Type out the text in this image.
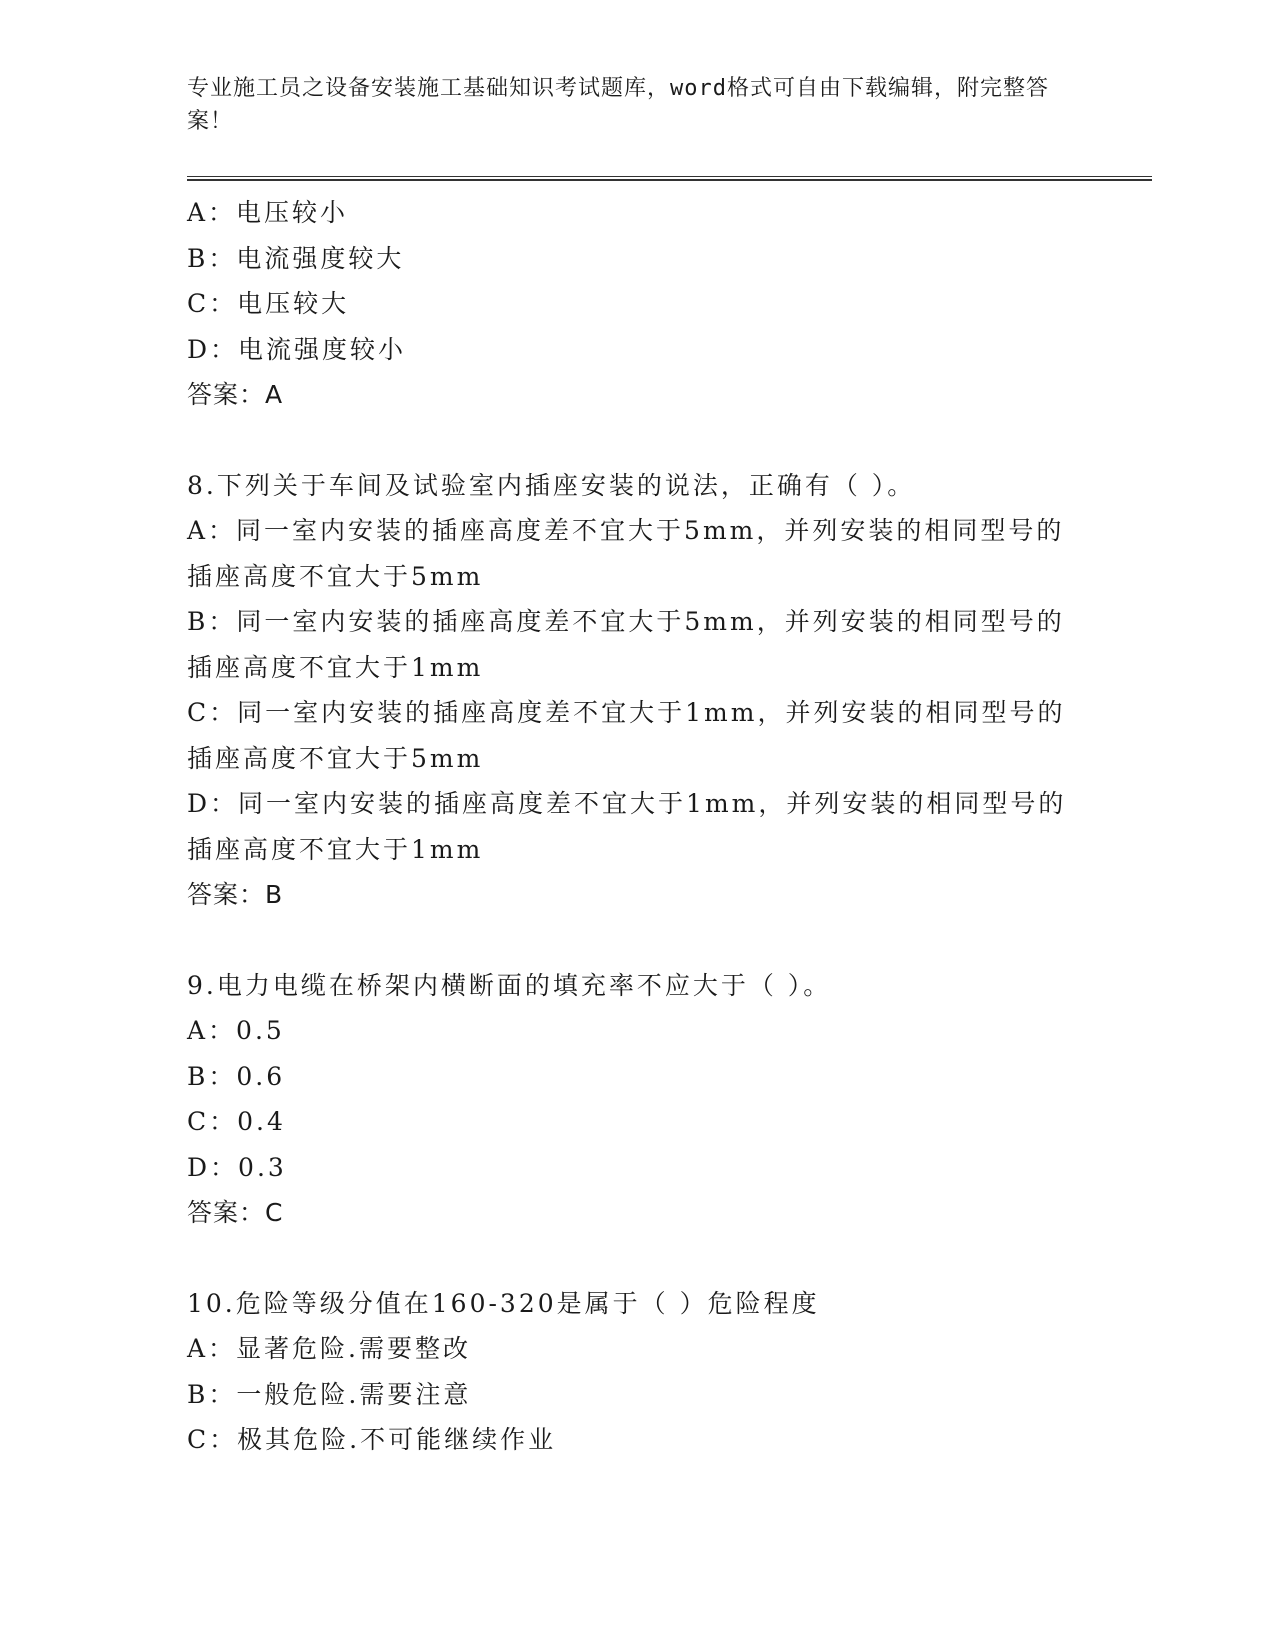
专业施工员之设备安装施工基础知识考试题库，word格式可自由下载编辑，附完整答案！
A：电压较小
B：电流强度较大
C：电压较大
D：电流强度较小
答案：A
8.下列关于车间及试验室内插座安装的说法，正确有（ ）。
A：同一室内安装的插座高度差不宜大于5mm，并列安装的相同型号的插座高度不宜大于5mm
B：同一室内安装的插座高度差不宜大于5mm，并列安装的相同型号的插座高度不宜大于1mm
C：同一室内安装的插座高度差不宜大于1mm，并列安装的相同型号的插座高度不宜大于5mm
D：同一室内安装的插座高度差不宜大于1mm，并列安装的相同型号的插座高度不宜大于1mm
答案：B
9.电力电缆在桥架内横断面的填充率不应大于（ ）。
A：0.5
B：0.6
C：0.4
D：0.3
答案：C
10.危险等级分值在160-320是属于（ ）危险程度
A：显著危险.需要整改
B：一般危险.需要注意
C：极其危险.不可能继续作业
